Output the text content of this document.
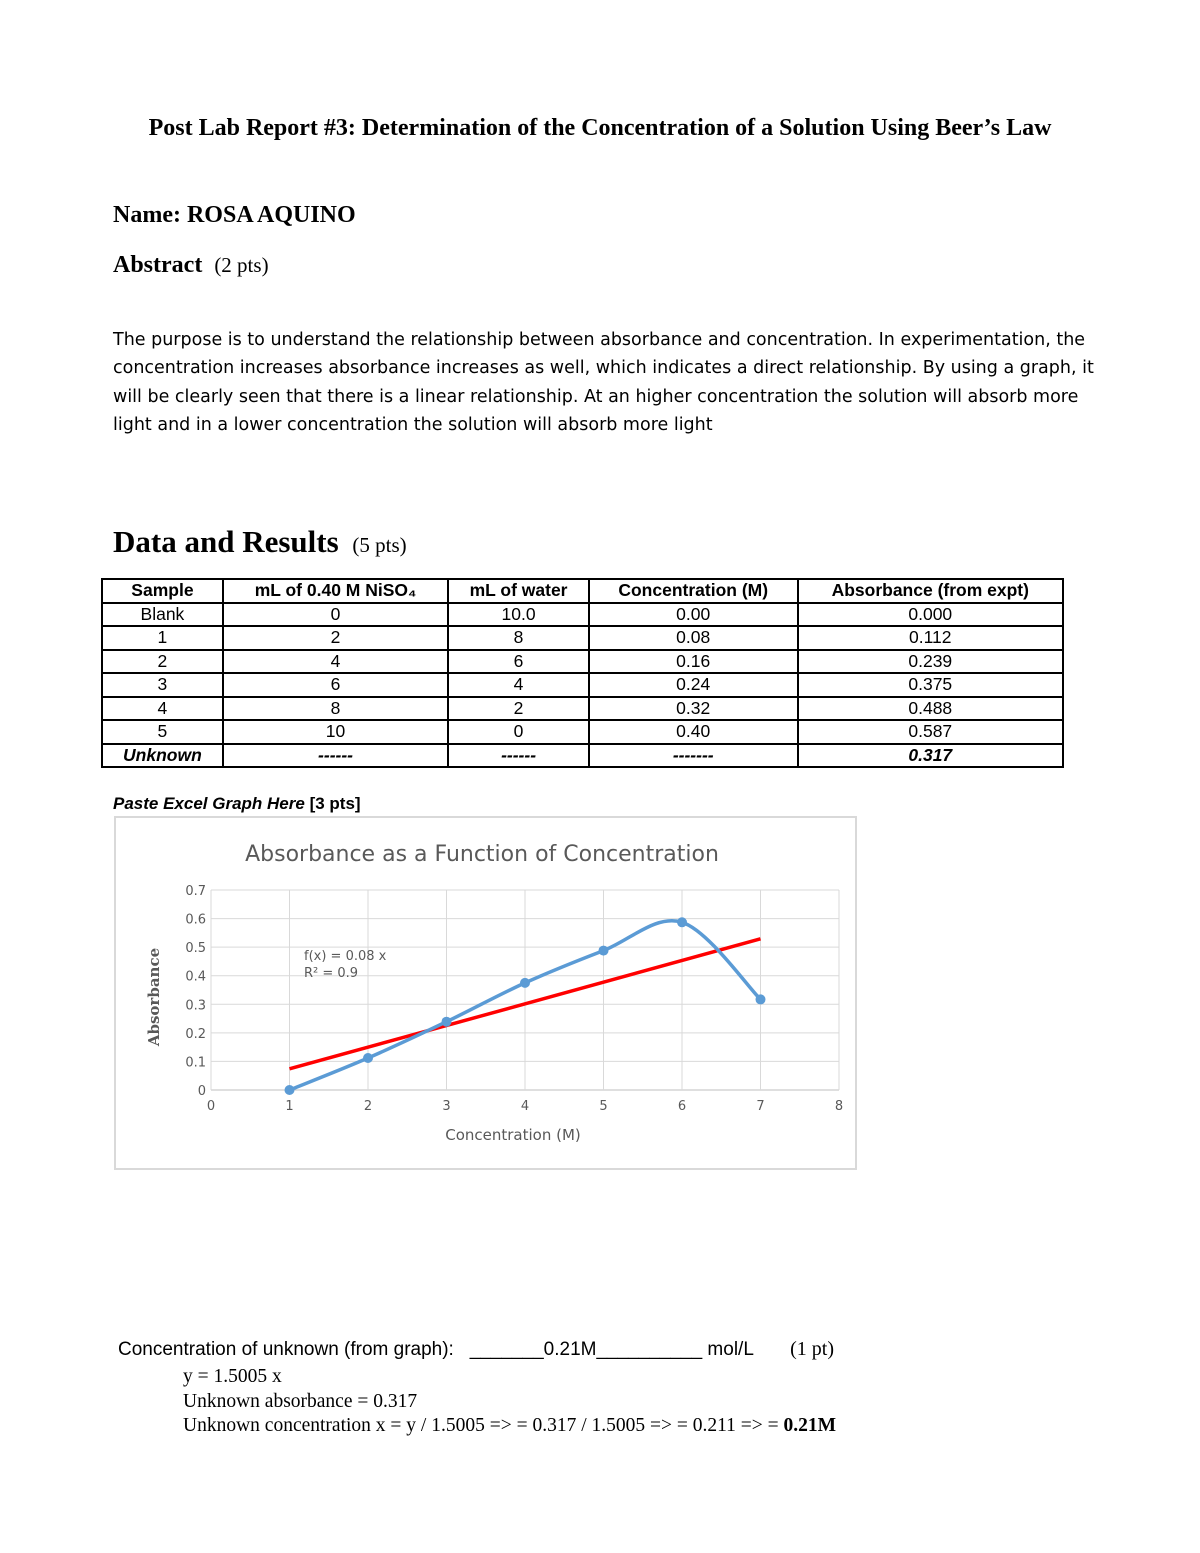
Post Lab Report #3: Determination of the Concentration of a Solution Using Beer’s Law
Name: ROSA AQUINO
Abstract (2 pts)
The purpose is to understand the relationship between absorbance and concentration. In experimentation, the concentration increases absorbance increases as well, which indicates a direct relationship. By using a graph, it will be clearly seen that there is a linear relationship. At an higher concentration the solution will absorb more light and in a lower concentration the solution will absorb more light
Data and Results (5 pts)
Sample	mL of 0.40 M NiSO₄	mL of water	Concentration (M)	Absorbance (from expt)
Blank	0	10.0	0.00	0.000
1	2	8	0.08	0.112
2	4	6	0.16	0.239
3	6	4	0.24	0.375
4	8	2	0.32	0.488
5	10	0	0.40	0.587
Unknown	------	------	-------	0.317
Paste Excel Graph Here [3 pts]
Absorbance as a Function of Concentration
0
0.1
0.2
0.3
0.4
0.5
0.6
0.7
0	1	2	3	4	5	6	7	8
f(x) = 0.08 x
R² = 0.9
Concentration (M)
Absorbance
Concentration of unknown (from graph): _______0.21M__________ mol/L (1 pt)
y = 1.5005 x
Unknown absorbance = 0.317
Unknown concentration x = y / 1.5005 => = 0.317 / 1.5005 => = 0.211 => = 0.21M
